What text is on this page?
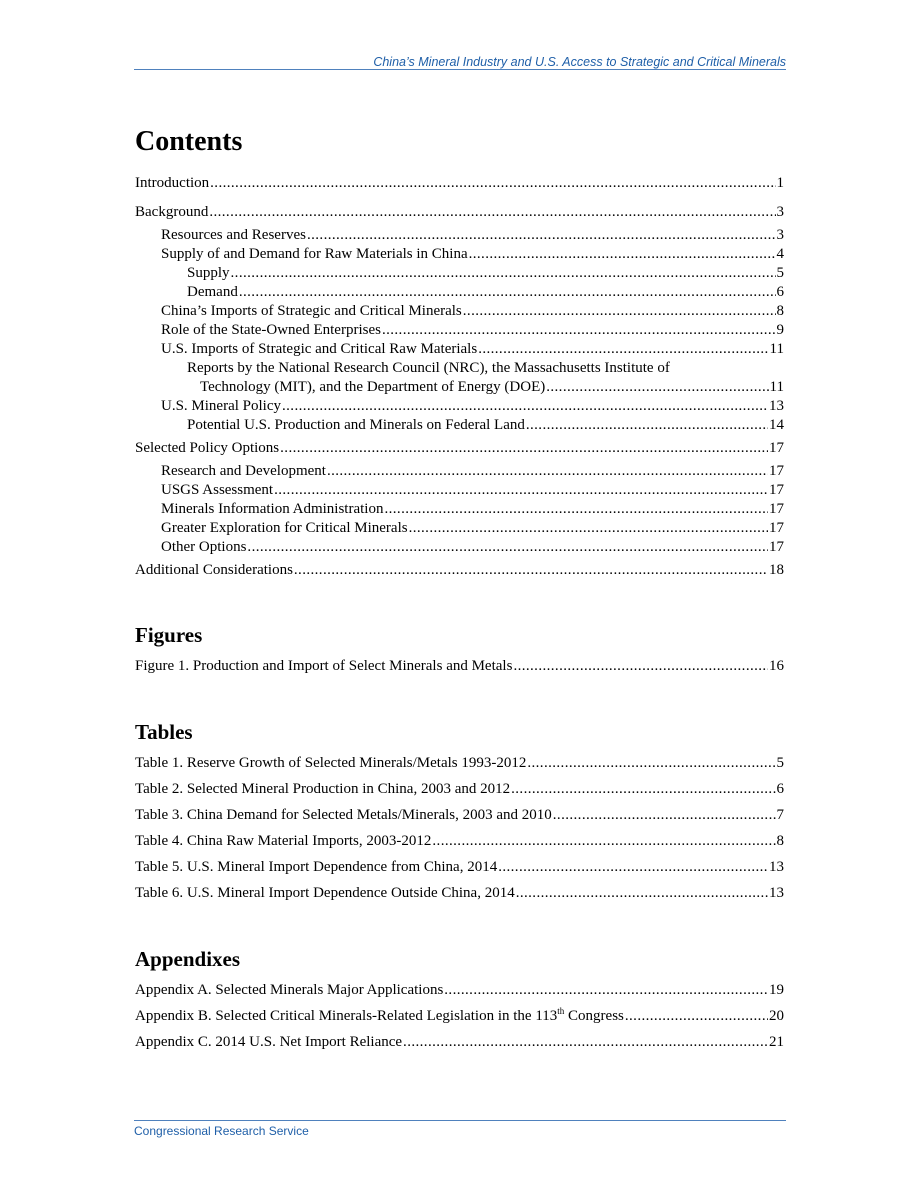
China’s Mineral Industry and U.S. Access to Strategic and Critical Minerals
Contents
Introduction .....	1
Background .....	3
Resources and Reserves .....	3
Supply of and Demand for Raw Materials in China .....	4
Supply .....	5
Demand .....	6
China’s Imports of Strategic and Critical Minerals .....	8
Role of the State-Owned Enterprises .....	9
U.S. Imports of Strategic and Critical Raw Materials .....	11
Reports by the National Research Council (NRC), the Massachusetts Institute of
Technology (MIT), and the Department of Energy (DOE) .....	11
U.S. Mineral Policy .....	13
Potential U.S. Production and Minerals on Federal Land .....	14
Selected Policy Options .....	17
Research and Development .....	17
USGS Assessment .....	17
Minerals Information Administration .....	17
Greater Exploration for Critical Minerals .....	17
Other Options .....	17
Additional Considerations .....	18
Figures
Figure 1. Production and Import of Select Minerals and Metals .....	16
Tables
Table 1. Reserve Growth of Selected Minerals/Metals 1993-2012 .....	5
Table 2. Selected Mineral Production in China, 2003 and 2012 .....	6
Table 3. China Demand for Selected Metals/Minerals, 2003 and 2010 .....	7
Table 4. China Raw Material Imports, 2003-2012 .....	8
Table 5. U.S. Mineral Import Dependence from China, 2014 .....	13
Table 6. U.S. Mineral Import Dependence Outside China, 2014 .....	13
Appendixes
Appendix A. Selected Minerals Major Applications .....	19
Appendix B. Selected Critical Minerals-Related Legislation in the 113th Congress .....	20
Appendix C. 2014 U.S. Net Import Reliance .....	21
Congressional Research Service
